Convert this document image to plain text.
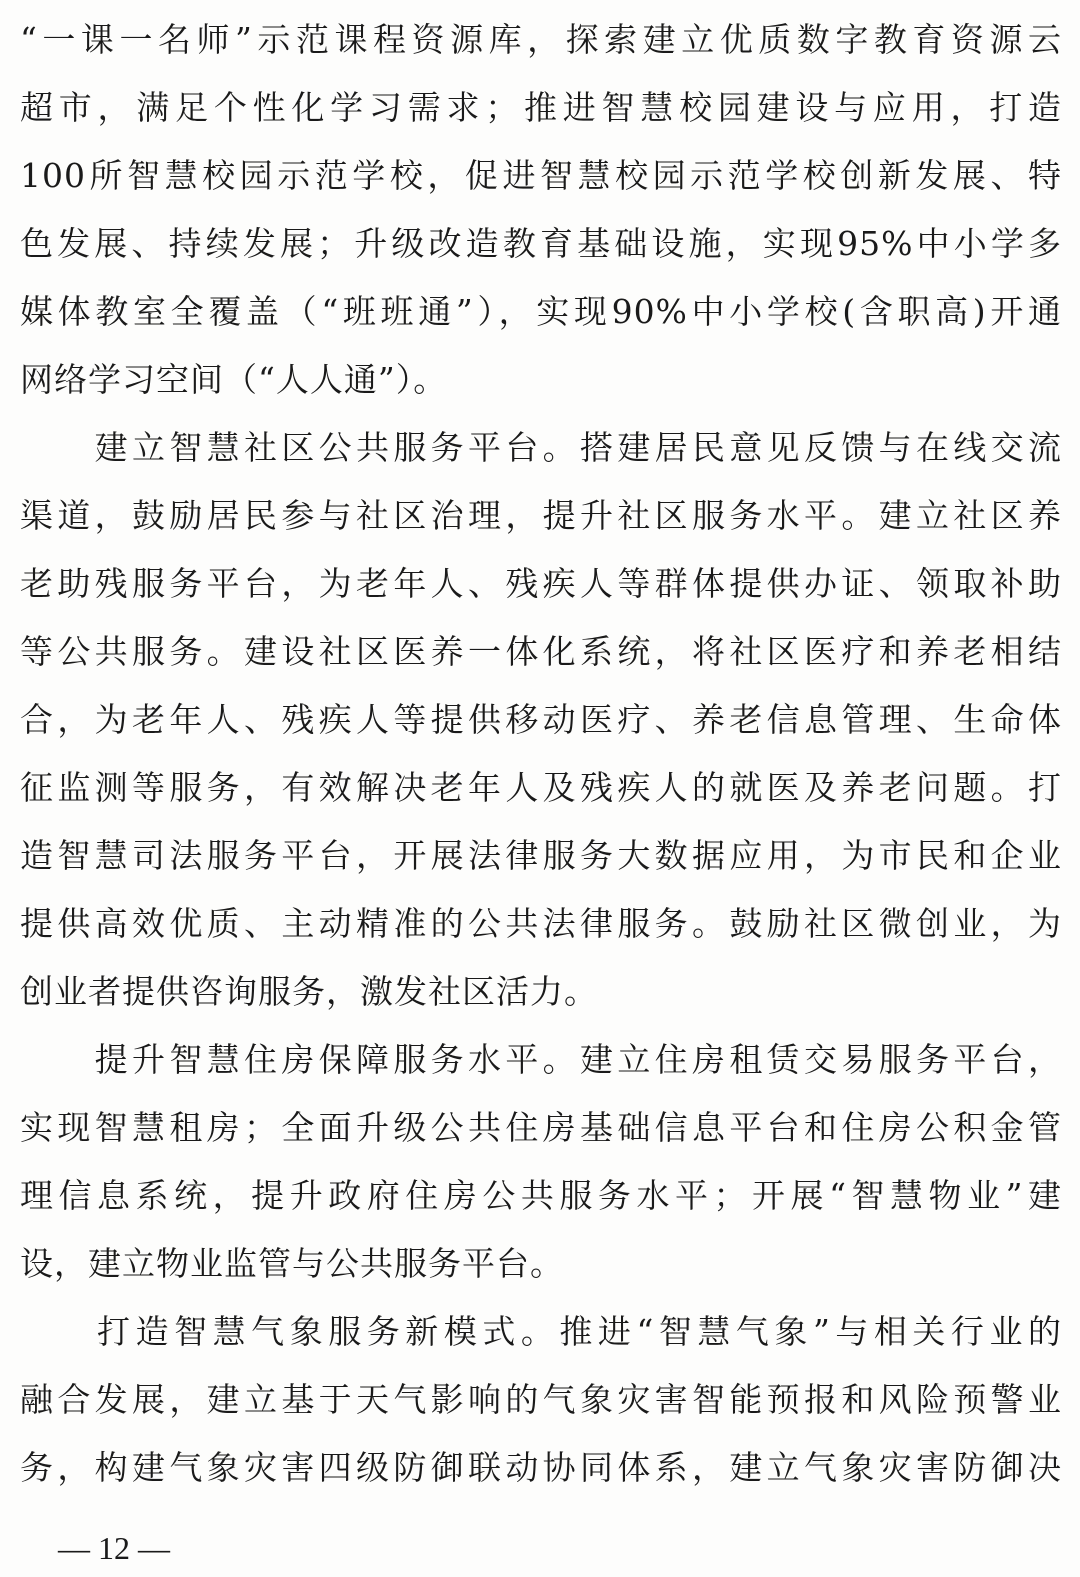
“一课一名师”示范课程资源库，探索建立优质数字教育资源云
超市，满足个性化学习需求；推进智慧校园建设与应用，打造
100所智慧校园示范学校，促进智慧校园示范学校创新发展、特
色发展、持续发展；升级改造教育基础设施，实现95%中小学多
媒体教室全覆盖（“班班通”），实现90%中小学校(含职高)开通
网络学习空间（“人人通”）。
　　建立智慧社区公共服务平台。搭建居民意见反馈与在线交流
渠道，鼓励居民参与社区治理，提升社区服务水平。建立社区养
老助残服务平台，为老年人、残疾人等群体提供办证、领取补助
等公共服务。建设社区医养一体化系统，将社区医疗和养老相结
合，为老年人、残疾人等提供移动医疗、养老信息管理、生命体
征监测等服务，有效解决老年人及残疾人的就医及养老问题。打
造智慧司法服务平台，开展法律服务大数据应用，为市民和企业
提供高效优质、主动精准的公共法律服务。鼓励社区微创业，为
创业者提供咨询服务，激发社区活力。
　　提升智慧住房保障服务水平。建立住房租赁交易服务平台，
实现智慧租房；全面升级公共住房基础信息平台和住房公积金管
理信息系统，提升政府住房公共服务水平；开展“智慧物业”建
设，建立物业监管与公共服务平台。
　　打造智慧气象服务新模式。推进“智慧气象”与相关行业的
融合发展，建立基于天气影响的气象灾害智能预报和风险预警业
务，构建气象灾害四级防御联动协同体系，建立气象灾害防御决
— 12 —
